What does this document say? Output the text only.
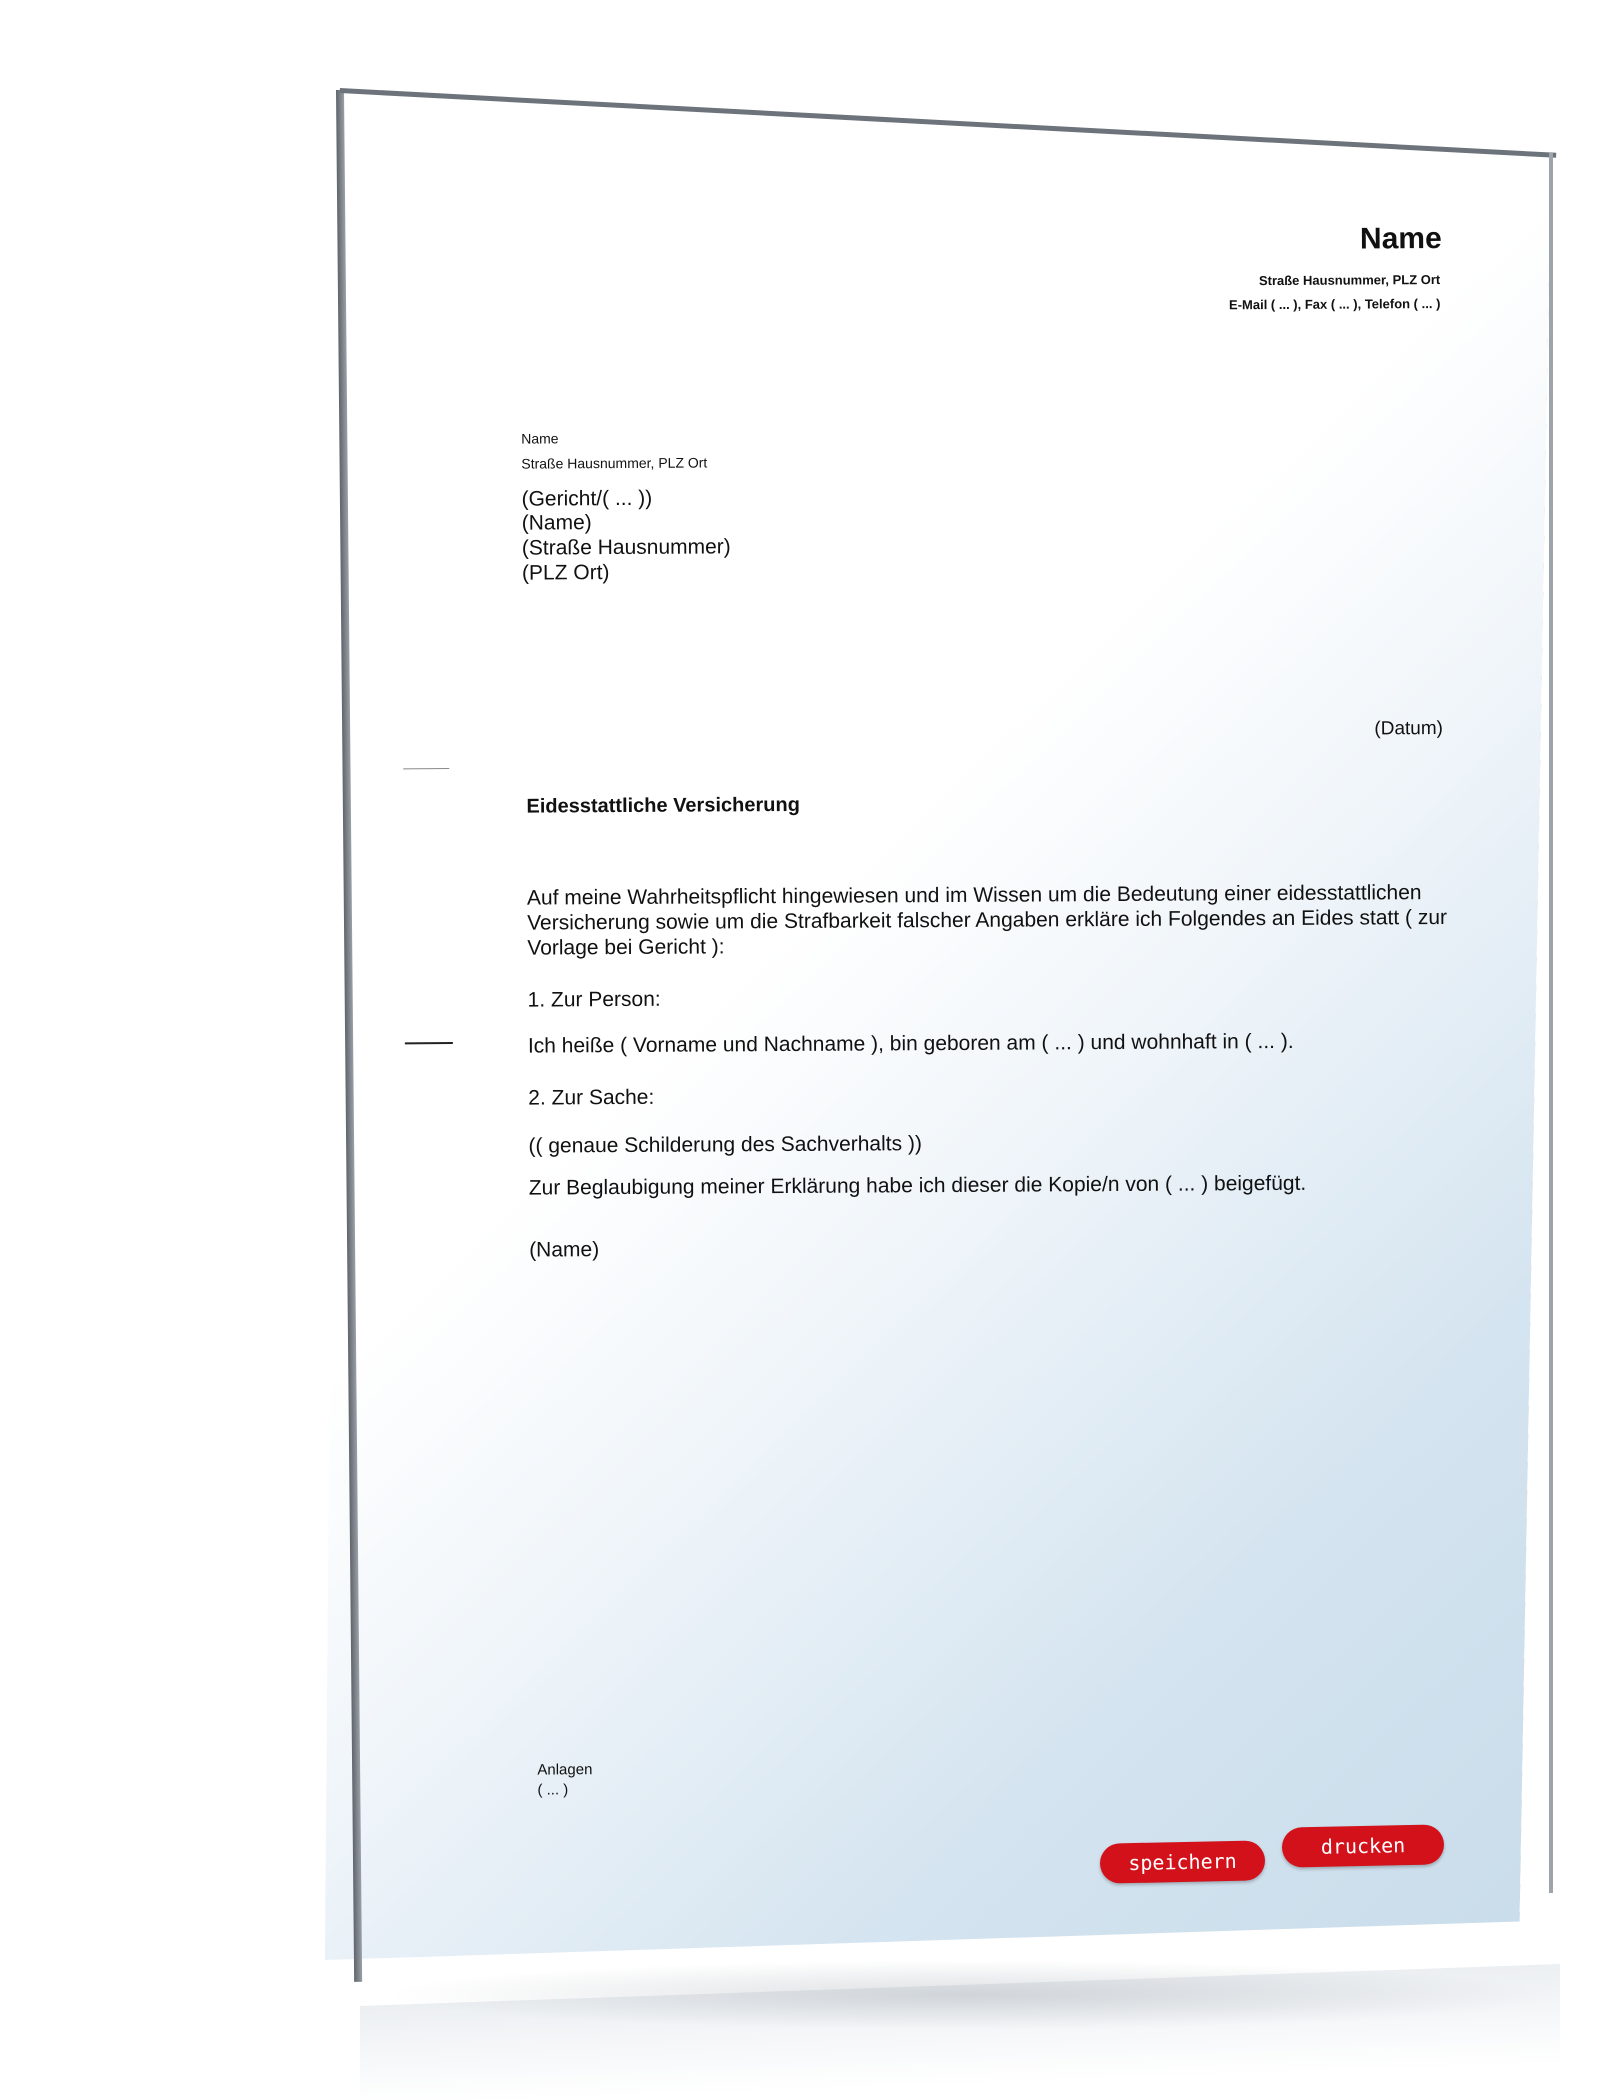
Name
Straße Hausnummer, PLZ Ort
E-Mail ( ... ), Fax ( ... ), Telefon ( ... )
Name
Straße Hausnummer, PLZ Ort
(Gericht/( ... ))
(Name)
(Straße Hausnummer)
(PLZ Ort)
(Datum)
Eidesstattliche Versicherung
Auf meine Wahrheitspflicht hingewiesen und im Wissen um die Bedeutung einer eidesstattlichen
Versicherung sowie um die Strafbarkeit falscher Angaben erkläre ich Folgendes an Eides statt ( zur
Vorlage bei Gericht ):
1. Zur Person:
Ich heiße ( Vorname und Nachname ), bin geboren am ( ... ) und wohnhaft in ( ... ).
2. Zur Sache:
(( genaue Schilderung des Sachverhalts ))
Zur Beglaubigung meiner Erklärung habe ich dieser die Kopie/n von ( ... ) beigefügt.
(Name)
Anlagen
( ... )
speichern
drucken
